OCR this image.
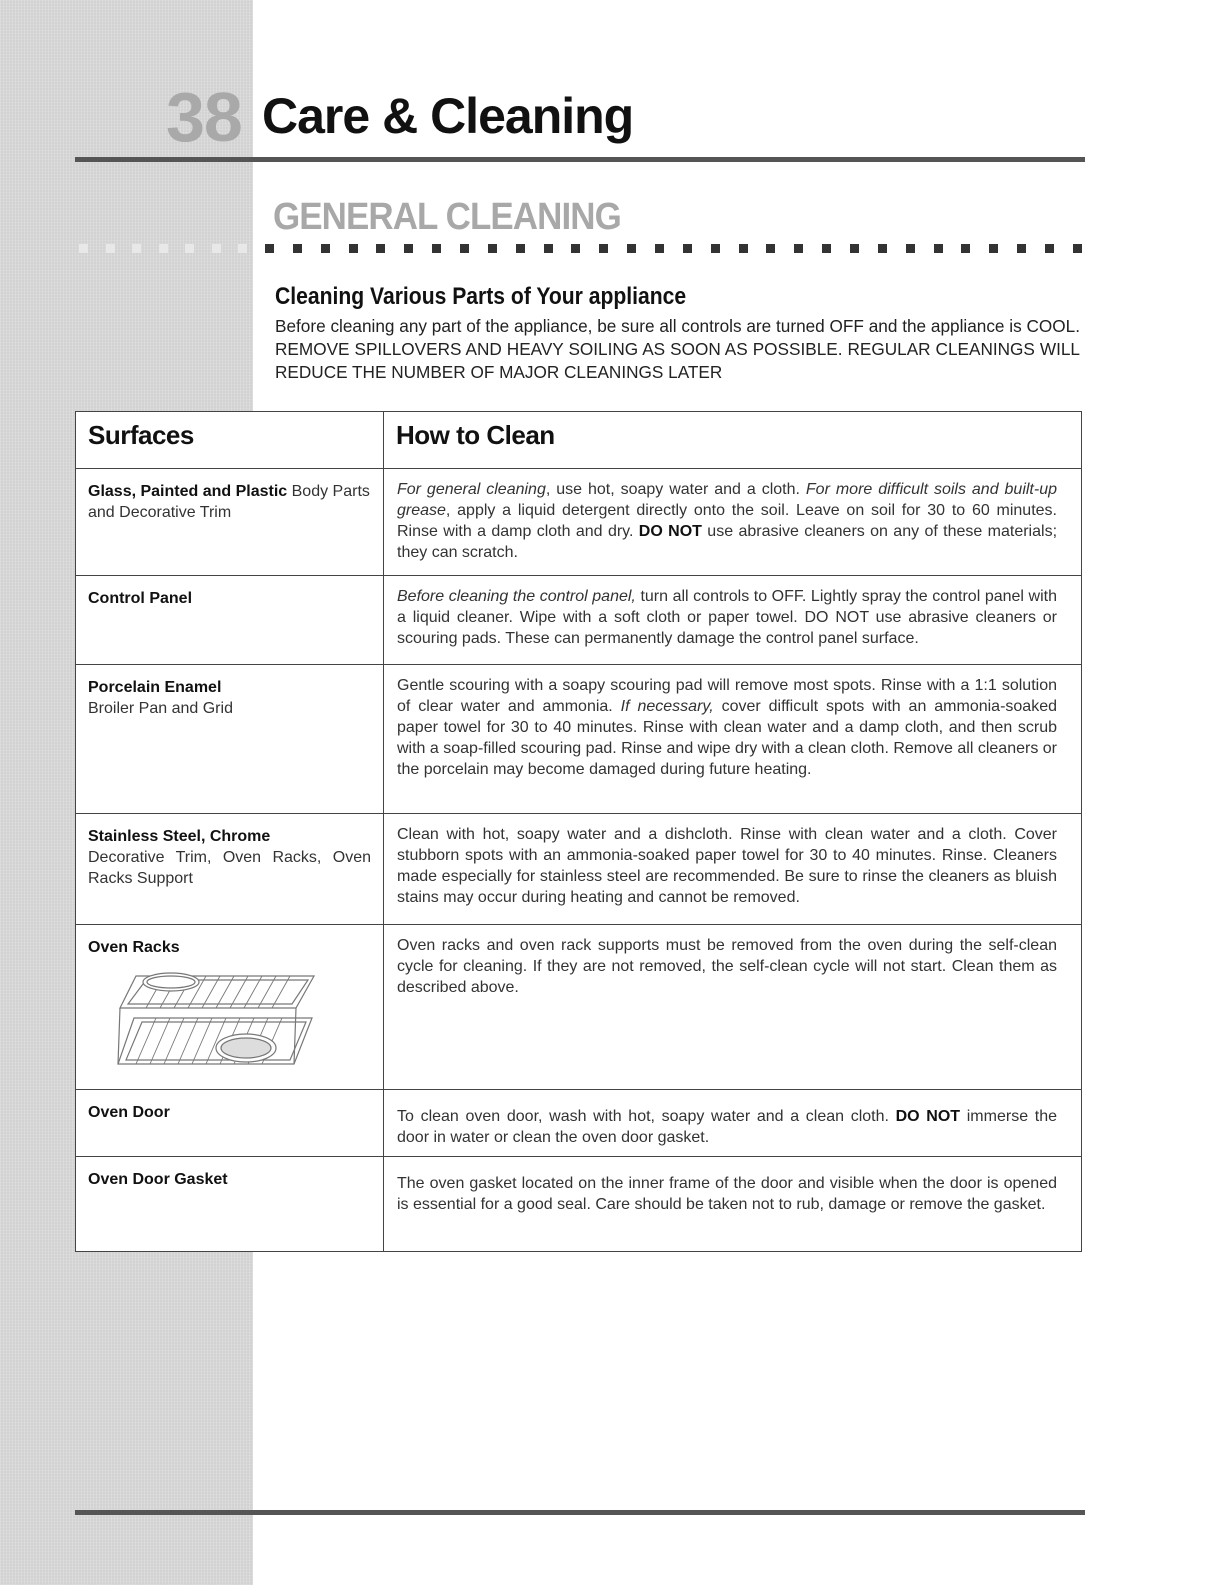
38 Care & Cleaning
GENERAL CLEANING
Cleaning Various Parts of Your appliance

Before cleaning any part of the appliance, be sure all controls are turned OFF and the appliance is COOL. REMOVE SPILLOVERS AND HEAVY SOILING AS SOON AS POSSIBLE. REGULAR CLEANINGS WILL REDUCE THE NUMBER OF MAJOR CLEANINGS LATER

Surfaces	How to Clean
Glass, Painted and Plastic Body Parts and Decorative Trim	For general cleaning, use hot, soapy water and a cloth. For more difficult soils and built-up grease, apply a liquid detergent directly onto the soil. Leave on soil for 30 to 60 minutes. Rinse with a damp cloth and dry. DO NOT use abrasive cleaners on any of these materials; they can scratch.
Control Panel	Before cleaning the control panel, turn all controls to OFF. Lightly spray the control panel with a liquid cleaner. Wipe with a soft cloth or paper towel. DO NOT use abrasive cleaners or scouring pads. These can permanently damage the control panel surface.

Porcelain Enamel
Broiler Pan and Grid	Gentle scouring with a soapy scouring pad will remove most spots. Rinse with a 1:1 solution of clear water and ammonia. If necessary, cover difficult spots with an ammonia-soaked paper towel for 30 to 40 minutes. Rinse with clean water and a damp cloth, and then scrub with a soap-filled scouring pad. Rinse and wipe dry with a clean cloth. Remove all cleaners or the porcelain may become damaged during future heating.

Stainless Steel, Chrome
Decorative Trim, Oven Racks, Oven Racks Support	Clean with hot, soapy water and a dishcloth. Rinse with clean water and a cloth. Cover stubborn spots with an ammonia-soaked paper towel for 30 to 40 minutes. Rinse. Cleaners made especially for stainless steel are recommended. Be sure to rinse the cleaners as bluish stains may occur during heating and cannot be removed.

Oven Racks	Oven racks and oven rack supports must be removed from the oven during the self-clean cycle for cleaning. If they are not removed, the self-clean cycle will not start. Clean them as described above.

Oven Door	To clean oven door, wash with hot, soapy water and a clean cloth. DO NOT immerse the door in water or clean the oven door gasket.

Oven Door Gasket	The oven gasket located on the inner frame of the door and visible when the door is opened is essential for a good seal. Care should be taken not to rub, damage or remove the gasket.
